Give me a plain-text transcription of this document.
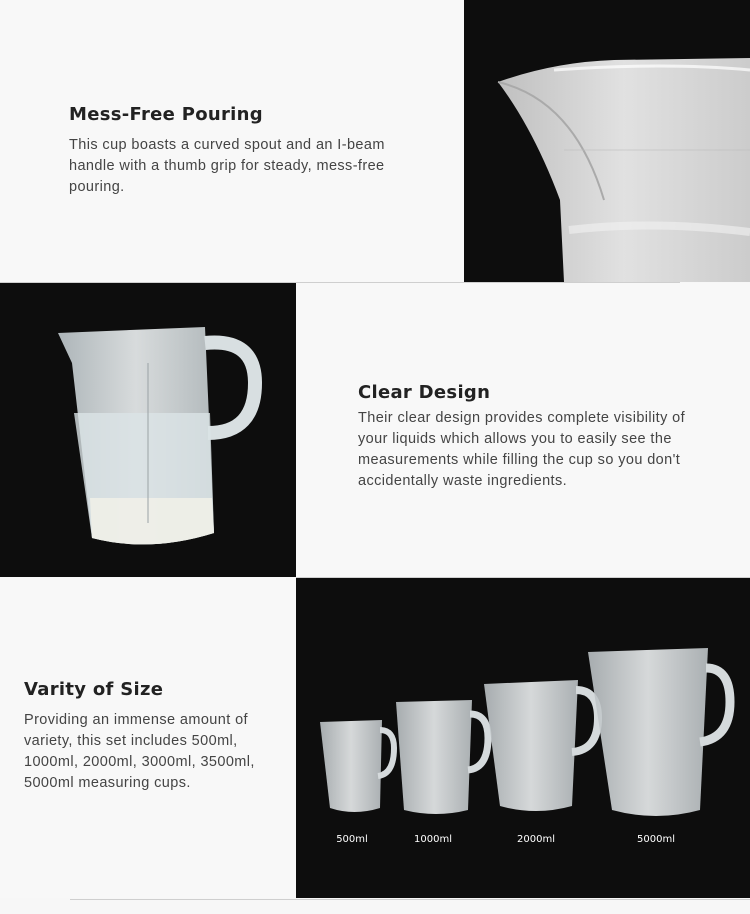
Mess-Free Pouring

This cup boasts a curved spout and an I-beam handle with a thumb grip for steady, mess-free pouring.

Clear Design

Their clear design provides complete visibility of your liquids which allows you to easily see the measurements while filling the cup so you don't accidentally waste ingredients.

Varity of Size

Providing an immense amount of variety, this set includes 500ml, 1000ml, 2000ml, 3000ml, 3500ml, 5000ml measuring cups.

500ml	1000ml	2000ml	5000ml
